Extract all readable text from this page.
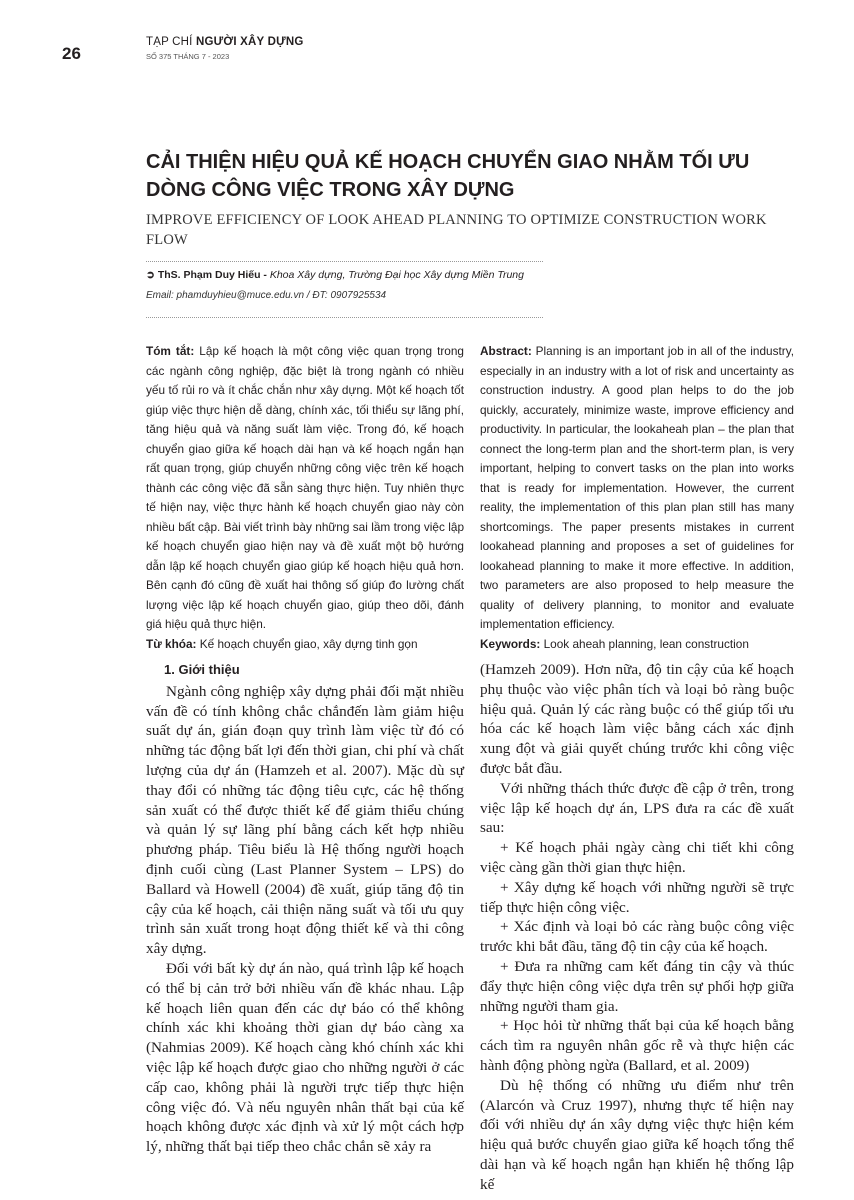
26
TẠP CHÍ NGƯỜI XÂY DỰNG
SỐ 375 THÁNG 7 - 2023
CẢI THIỆN HIỆU QUẢ KẾ HOẠCH CHUYỂN GIAO NHẰM TỐI ƯU DÒNG CÔNG VIỆC TRONG XÂY DỰNG
IMPROVE EFFICIENCY OF LOOK AHEAD PLANNING TO OPTIMIZE CONSTRUCTION WORK FLOW
➲ ThS. Phạm Duy Hiếu - Khoa Xây dựng, Trường Đại học Xây dựng Miền Trung
Email: phamduyhieu@muce.edu.vn / ĐT: 0907925534
Tóm tắt: Lập kế hoạch là một công việc quan trọng trong các ngành công nghiệp, đặc biệt là trong ngành có nhiều yếu tố rủi ro và ít chắc chắn như xây dựng. Một kế hoạch tốt giúp việc thực hiện dễ dàng, chính xác, tối thiểu sự lãng phí, tăng hiệu quả và năng suất làm việc. Trong đó, kế hoạch chuyển giao giữa kế hoạch dài hạn và kế hoạch ngắn hạn rất quan trọng, giúp chuyển những công việc trên kế hoạch thành các công việc đã sẵn sàng thực hiện. Tuy nhiên thực tế hiện nay, việc thực hành kế hoạch chuyển giao này còn nhiều bất cập. Bài viết trình bày những sai lầm trong việc lập kế hoạch chuyển giao hiện nay và đề xuất một bộ hướng dẫn lập kế hoạch chuyển giao giúp kế hoạch hiệu quả hơn. Bên cạnh đó cũng đề xuất hai thông số giúp đo lường chất lượng việc lập kế hoạch chuyển giao, giúp theo dõi, đánh giá hiệu quả thực hiện.
Từ khóa: Kế hoạch chuyển giao, xây dựng tinh gọn
Abstract: Planning is an important job in all of the industry, especially in an industry with a lot of risk and uncertainty as construction industry. A good plan helps to do the job quickly, accurately, minimize waste, improve efficiency and productivity. In particular, the lookaheah plan – the plan that connect the long-term plan and the short-term plan, is very important, helping to convert tasks on the plan into works that is ready for implementation. However, the current reality, the implementation of this plan plan still has many shortcomings. The paper presents mistakes in current lookahead planning and proposes a set of guidelines for lookahead planning to make it more effective. In addition, two parameters are also proposed to help measure the quality of delivery planning, to monitor and evaluate implementation efficiency.
Keywords: Look aheah planning, lean construction
1. Giới thiệu

Ngành công nghiệp xây dựng phải đối mặt nhiều vấn đề có tính không chắc chắnđến làm giảm hiệu suất dự án, gián đoạn quy trình làm việc từ đó có những tác động bất lợi đến thời gian, chi phí và chất lượng của dự án (Hamzeh et al. 2007). Mặc dù sự thay đổi có những tác động tiêu cực, các hệ thống sản xuất có thể được thiết kế để giảm thiểu chúng và quản lý sự lãng phí bằng cách kết hợp nhiều phương pháp. Tiêu biểu là Hệ thống người hoạch định cuối cùng (Last Planner System – LPS) do Ballard và Howell (2004) đề xuất, giúp tăng độ tin cậy của kế hoạch, cải thiện năng suất và tối ưu quy trình sản xuất trong hoạt động thiết kế và thi công xây dựng.

Đối với bất kỳ dự án nào, quá trình lập kế hoạch có thể bị cản trở bởi nhiều vấn đề khác nhau. Lập kế hoạch liên quan đến các dự báo có thể không chính xác khi khoảng thời gian dự báo càng xa (Nahmias 2009). Kế hoạch càng khó chính xác khi việc lập kế hoạch được giao cho những người ở các cấp cao, không phải là người trực tiếp thực hiện công việc đó. Và nếu nguyên nhân thất bại của kế hoạch không được xác định và xử lý một cách hợp lý, những thất bại tiếp theo chắc chắn sẽ xảy ra

(Hamzeh 2009). Hơn nữa, độ tin cậy của kế hoạch phụ thuộc vào việc phân tích và loại bỏ ràng buộc hiệu quả. Quản lý các ràng buộc có thể giúp tối ưu hóa các kế hoạch làm việc bằng cách xác định xung đột và giải quyết chúng trước khi công việc được bắt đầu.

Với những thách thức được đề cập ở trên, trong việc lập kế hoạch dự án, LPS đưa ra các đề xuất sau:

+ Kế hoạch phải ngày càng chi tiết khi công việc càng gần thời gian thực hiện.

+ Xây dựng kế hoạch với những người sẽ trực tiếp thực hiện công việc.

+ Xác định và loại bỏ các ràng buộc công việc trước khi bắt đầu, tăng độ tin cậy của kế hoạch.

+ Đưa ra những cam kết đáng tin cậy và thúc đẩy thực hiện công việc dựa trên sự phối hợp giữa những người tham gia.

+ Học hỏi từ những thất bại của kế hoạch bằng cách tìm ra nguyên nhân gốc rễ và thực hiện các hành động phòng ngừa (Ballard, et al. 2009)

Dù hệ thống có những ưu điểm như trên (Alarcón và Cruz 1997), nhưng thực tế hiện nay đối với nhiều dự án xây dựng việc thực hiện kém hiệu quả bước chuyển giao giữa kế hoạch tổng thể dài hạn và kế hoạch ngắn hạn khiến hệ thống lập kế
